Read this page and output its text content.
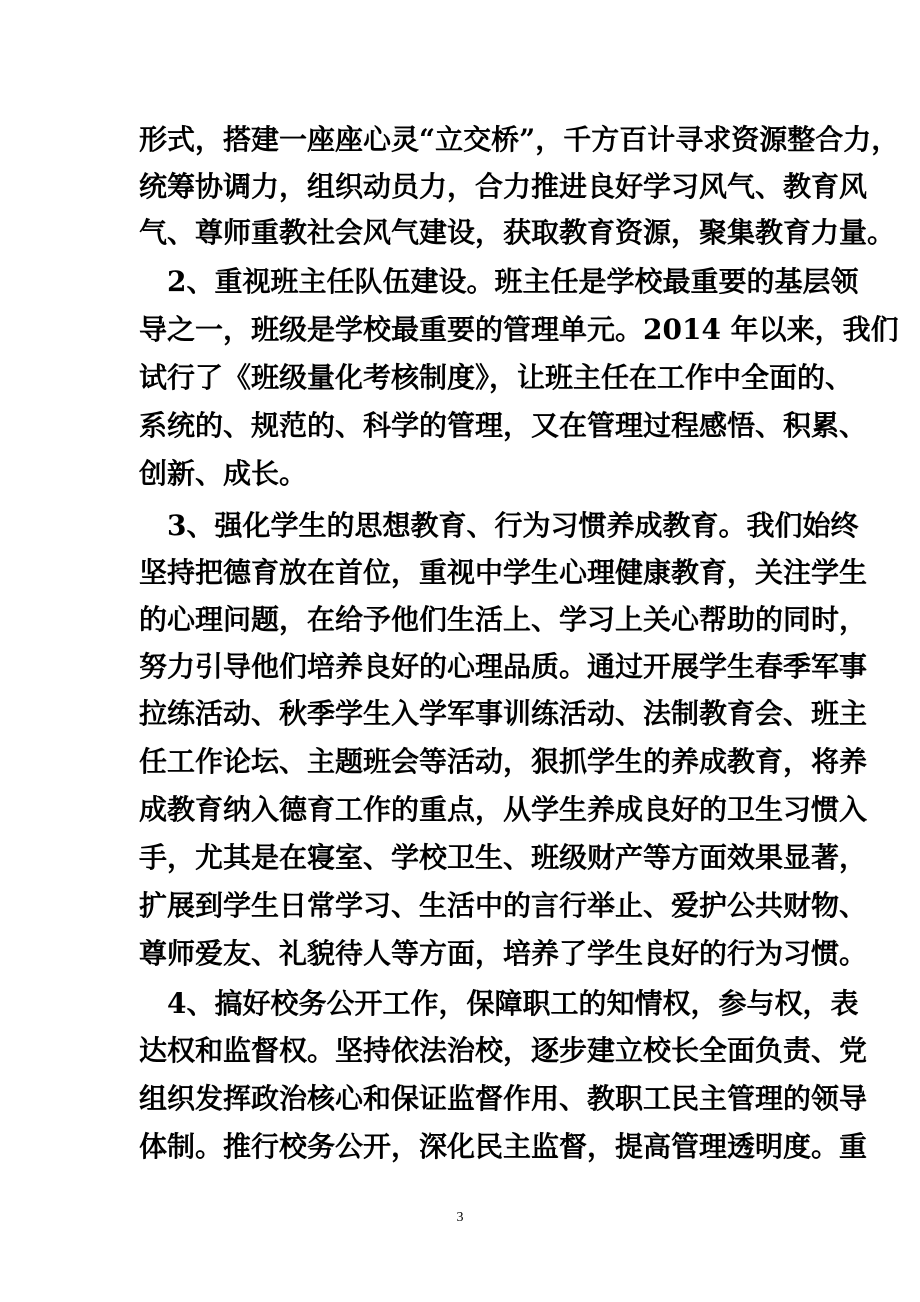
形式，搭建一座座心灵“立交桥”，千方百计寻求资源整合力，
统筹协调力，组织动员力，合力推进良好学习风气、教育风
气、尊师重教社会风气建设，获取教育资源，聚集教育力量。
2、重视班主任队伍建设。班主任是学校最重要的基层领
导之一，班级是学校最重要的管理单元。2014 年以来，我们
试行了《班级量化考核制度》，让班主任在工作中全面的、
系统的、规范的、科学的管理，又在管理过程感悟、积累、
创新、成长。
3、强化学生的思想教育、行为习惯养成教育。我们始终
坚持把德育放在首位，重视中学生心理健康教育，关注学生
的心理问题，在给予他们生活上、学习上关心帮助的同时，
努力引导他们培养良好的心理品质。通过开展学生春季军事
拉练活动、秋季学生入学军事训练活动、法制教育会、班主
任工作论坛、主题班会等活动，狠抓学生的养成教育，将养
成教育纳入德育工作的重点，从学生养成良好的卫生习惯入
手，尤其是在寝室、学校卫生、班级财产等方面效果显著，
扩展到学生日常学习、生活中的言行举止、爱护公共财物、
尊师爱友、礼貌待人等方面，培养了学生良好的行为习惯。
4、搞好校务公开工作，保障职工的知情权，参与权，表
达权和监督权。坚持依法治校，逐步建立校长全面负责、党
组织发挥政治核心和保证监督作用、教职工民主管理的领导
体制。推行校务公开，深化民主监督，提高管理透明度。重
3
